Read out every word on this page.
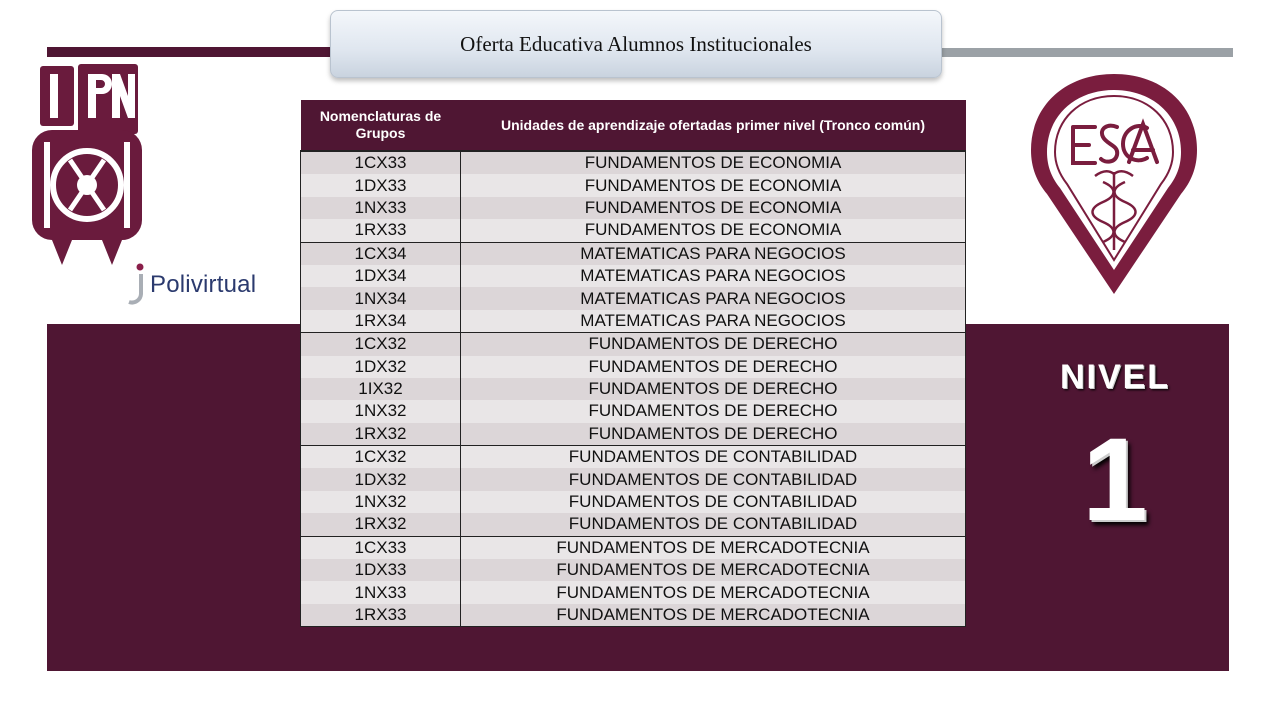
Oferta Educativa Alumnos Institucionales
Polivirtual
NIVEL
1
Nomenclaturas de Grupos	Unidades de aprendizaje ofertadas primer nivel (Tronco común)
1CX33	FUNDAMENTOS DE ECONOMIA
1DX33	FUNDAMENTOS DE ECONOMIA
1NX33	FUNDAMENTOS DE ECONOMIA
1RX33	FUNDAMENTOS DE ECONOMIA
1CX34	MATEMATICAS PARA NEGOCIOS
1DX34	MATEMATICAS PARA NEGOCIOS
1NX34	MATEMATICAS PARA NEGOCIOS
1RX34	MATEMATICAS PARA NEGOCIOS
1CX32	FUNDAMENTOS DE DERECHO
1DX32	FUNDAMENTOS DE DERECHO
1IX32	FUNDAMENTOS DE DERECHO
1NX32	FUNDAMENTOS DE DERECHO
1RX32	FUNDAMENTOS DE DERECHO
1CX32	FUNDAMENTOS DE CONTABILIDAD
1DX32	FUNDAMENTOS DE CONTABILIDAD
1NX32	FUNDAMENTOS DE CONTABILIDAD
1RX32	FUNDAMENTOS DE CONTABILIDAD
1CX33	FUNDAMENTOS DE MERCADOTECNIA
1DX33	FUNDAMENTOS DE MERCADOTECNIA
1NX33	FUNDAMENTOS DE MERCADOTECNIA
1RX33	FUNDAMENTOS DE MERCADOTECNIA
